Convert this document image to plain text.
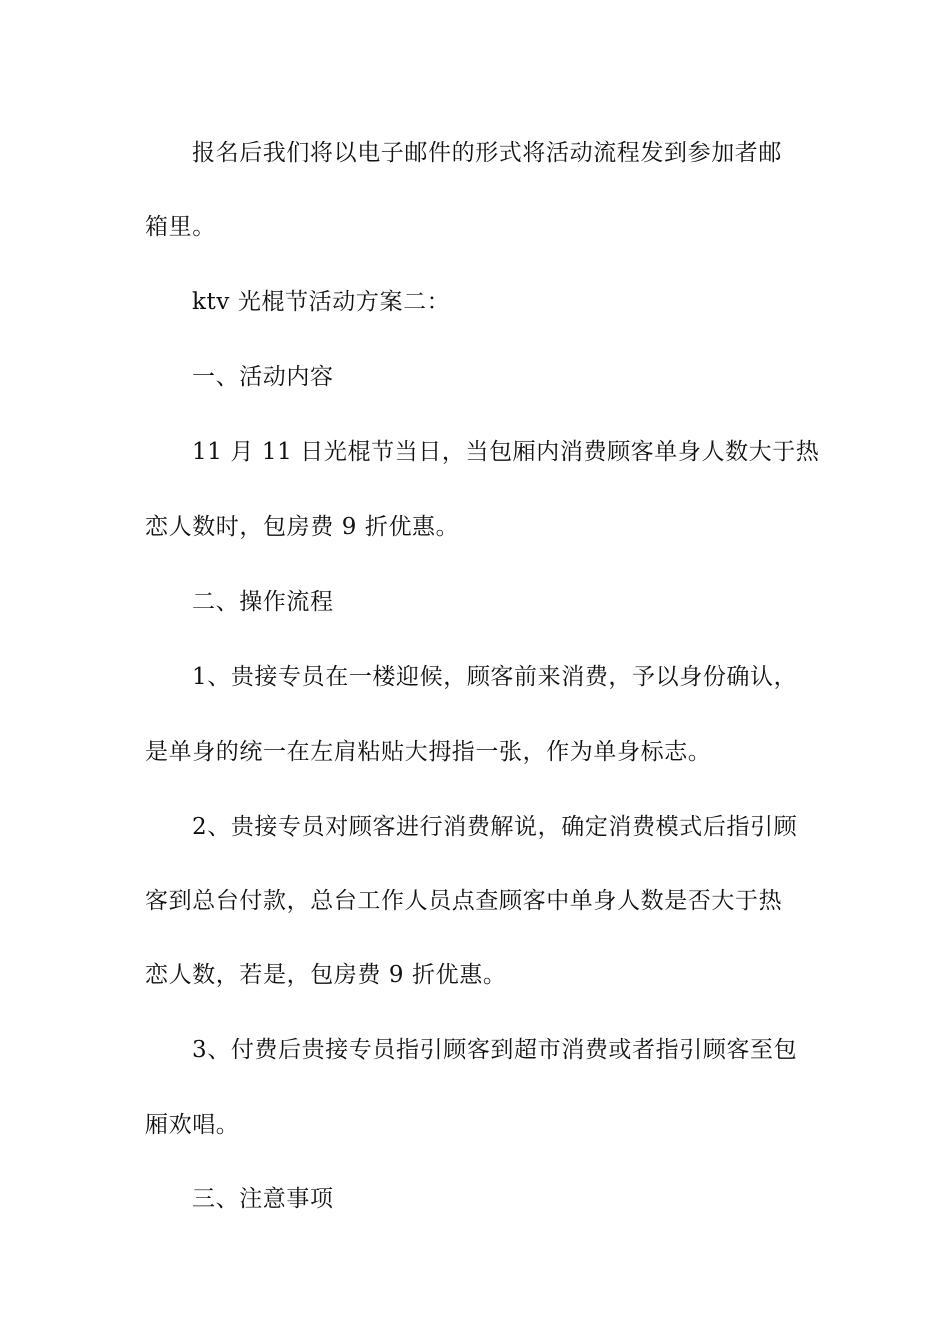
报名后我们将以电子邮件的形式将活动流程发到参加者邮
箱里。
ktv 光棍节活动方案二：
一、活动内容
11 月 11 日光棍节当日，当包厢内消费顾客单身人数大于热
恋人数时，包房费 9 折优惠。
二、操作流程
1、贵接专员在一楼迎候，顾客前来消费，予以身份确认，
是单身的统一在左肩粘贴大拇指一张，作为单身标志。
2、贵接专员对顾客进行消费解说，确定消费模式后指引顾
客到总台付款，总台工作人员点查顾客中单身人数是否大于热
恋人数，若是，包房费 9 折优惠。
3、付费后贵接专员指引顾客到超市消费或者指引顾客至包
厢欢唱。
三、注意事项
